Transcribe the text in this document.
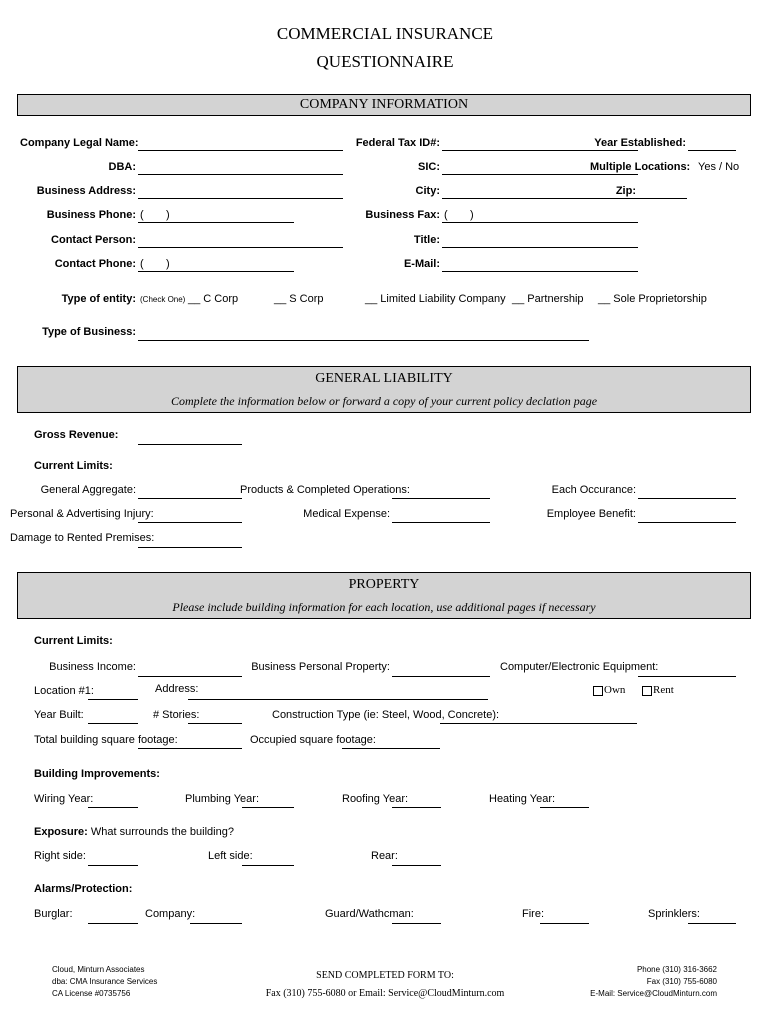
COMMERCIAL INSURANCE
QUESTIONNAIRE
COMPANY INFORMATION
Company Legal Name:	Federal Tax ID#:	Year Established:
DBA:	SIC:	Multiple Locations: Yes / No
Business Address:	City:	Zip:
Business Phone: ( )	Business Fax: ( )
Contact Person:	Title:
Contact Phone: ( )	E-Mail:
Type of entity: (Check One) __ C Corp	__ S Corp	__ Limited Liability Company __ Partnership __ Sole Proprietorship
Type of Business:
GENERAL LIABILITY
Complete the information below or forward a copy of your current policy declation page
Gross Revenue:
Current Limits:
General Aggregate:	Products & Completed Operations:	Each Occurance:
Personal & Advertising Injury:	Medical Expense:	Employee Benefit:
Damage to Rented Premises:
PROPERTY
Please include building information for each location, use additional pages if necessary
Current Limits:
Business Income:	Business Personal Property:	Computer/Electronic Equipment:
Location #1:	Address:	Own	Rent
Year Built:	# Stories:	Construction Type (ie: Steel, Wood, Concrete):
Total building square footage:	Occupied square footage:
Building Improvements:
Wiring Year:	Plumbing Year:	Roofing Year:	Heating Year:
Exposure: What surrounds the building?
Right side:	Left side:	Rear:
Alarms/Protection:
Burglar:	Company:	Guard/Wathcman:	Fire:	Sprinklers:
Cloud, Minturn Associates
dba: CMA Insurance Services
CA License #0735756
SEND COMPLETED FORM TO:
Fax (310) 755-6080 or Email: Service@CloudMinturn.com
Phone (310) 316-3662
Fax (310) 755-6080
E-Mail: Service@CloudMinturn.com
